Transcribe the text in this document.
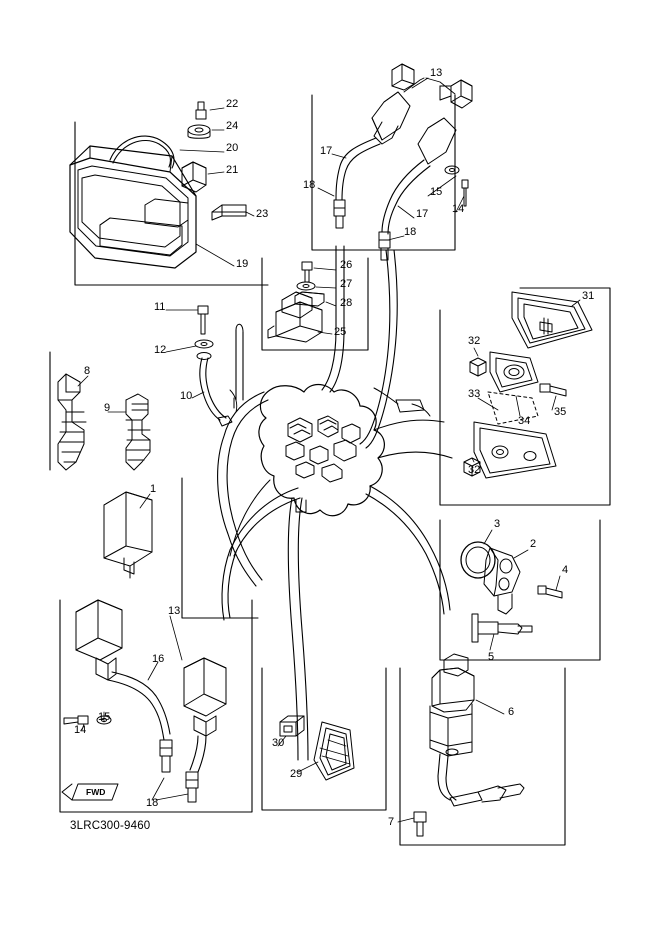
22
24
20
21
23
19
13
17
18
15
14
17
18
26
27
28
25
11
12
10
8
9
1
31
32
33
34
35
32
3
2
4
5
6
7
13
16
14
15
18
30
29
FWD
3LRC300-9460
